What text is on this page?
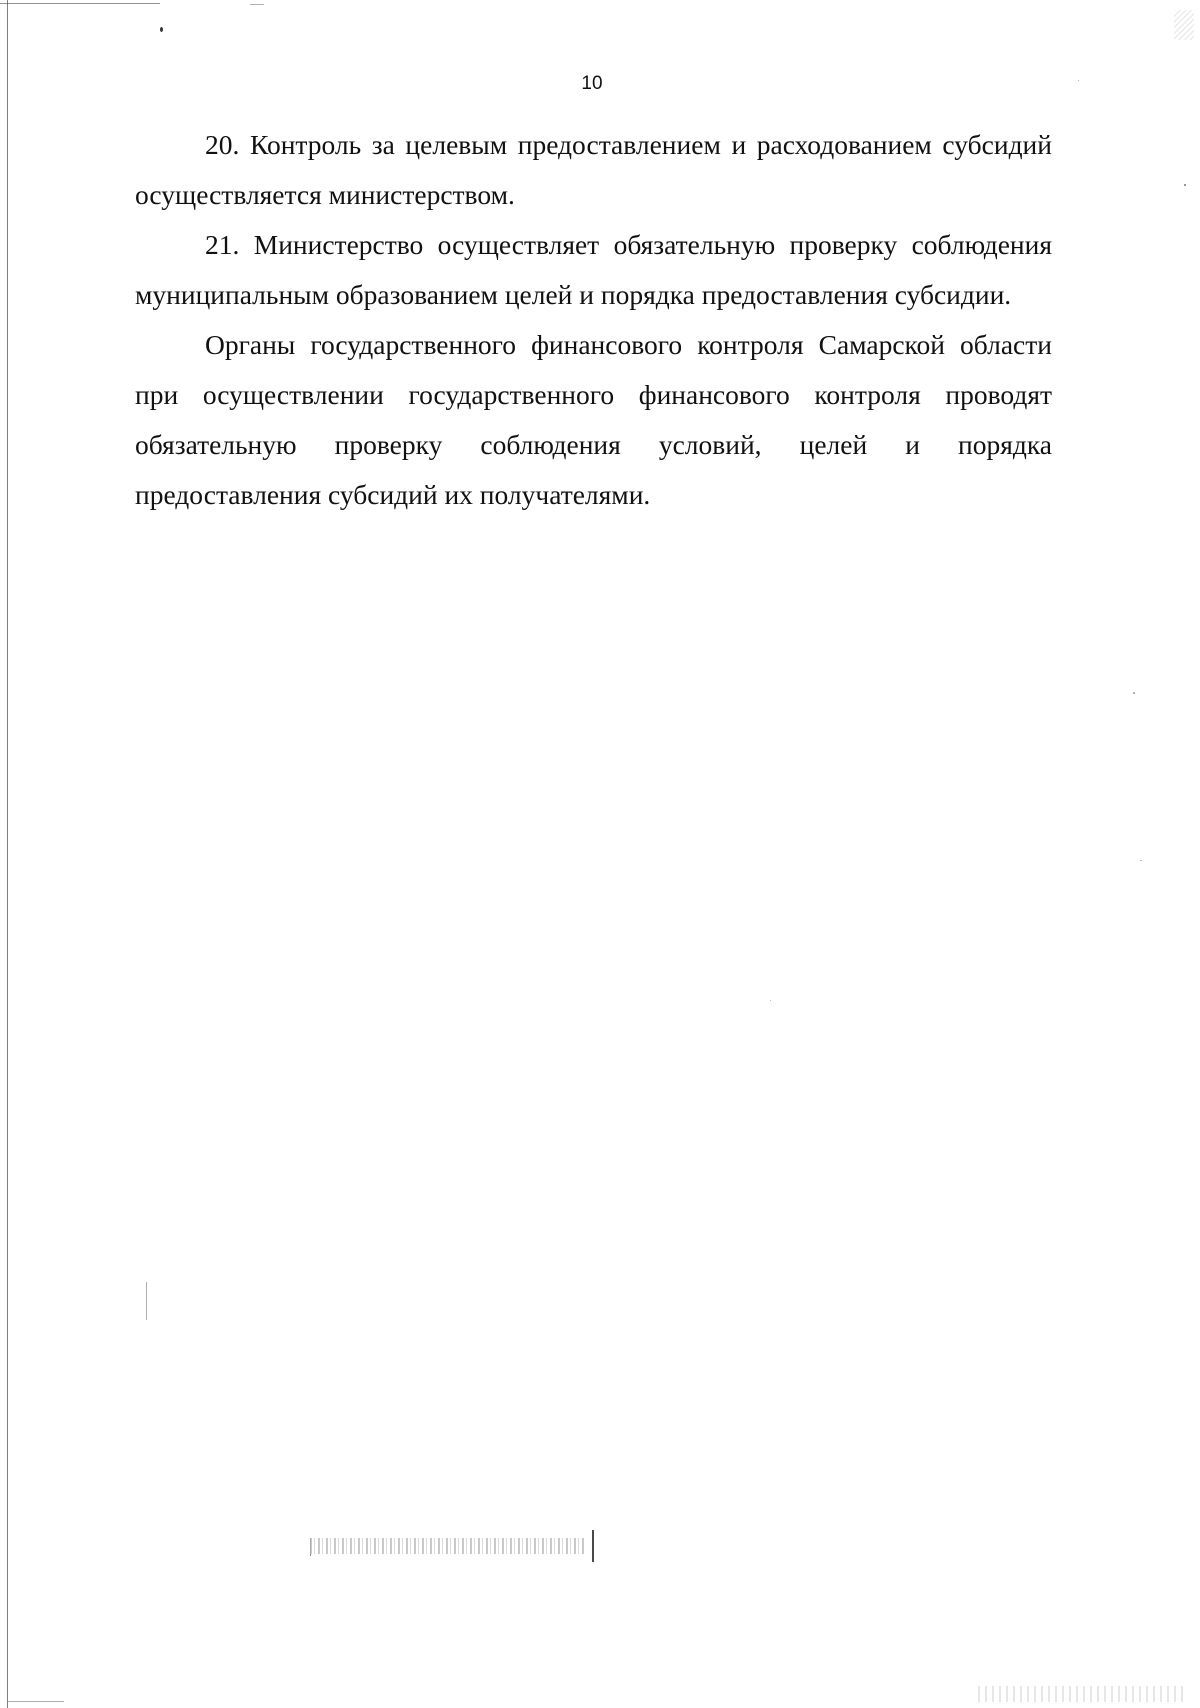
10

20. Контроль за целевым предоставлением и расходованием субсидий осуществляется министерством.

21. Министерство осуществляет обязательную проверку соблюдения муниципальным образованием целей и порядка предоставления субсидии.

Органы государственного финансового контроля Самарской области при осуществлении государственного финансового контроля проводят обязательную проверку соблюдения условий, целей и порядка предоставления субсидий их получателями.
